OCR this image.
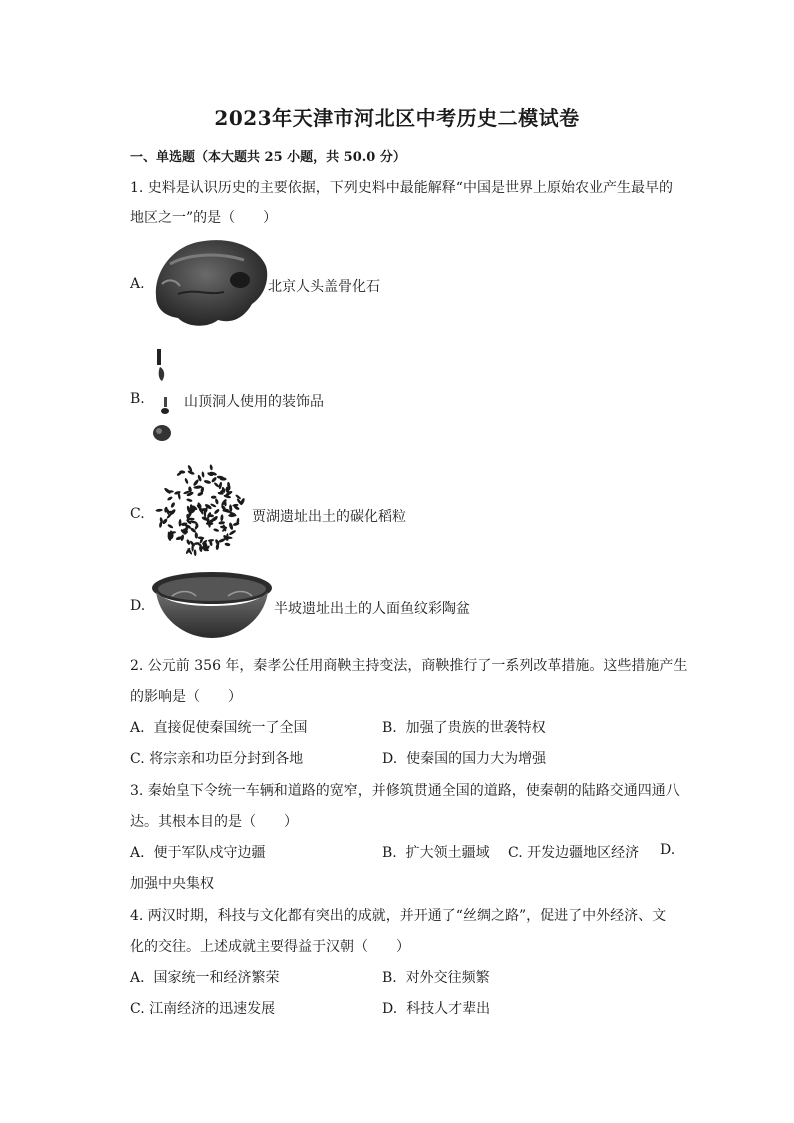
2023年天津市河北区中考历史二模试卷
一、单选题（本大题共 25 小题，共 50.0 分）
1. 史料是认识历史的主要依据，下列史料中最能解释“中国是世界上原始农业产生最早的
地区之一”的是（　　）
A.	北京人头盖骨化石
B.	山顶洞人使用的装饰品
C.	贾湖遗址出土的碳化稻粒
D.	半坡遗址出土的人面鱼纹彩陶盆
2. 公元前 356 年，秦孝公任用商鞅主持变法，商鞅推行了一系列改革措施。这些措施产生
的影响是（　　）
A. 直接促使秦国统一了全国	B. 加强了贵族的世袭特权
C. 将宗亲和功臣分封到各地	D. 使秦国的国力大为增强
3. 秦始皇下令统一车辆和道路的宽窄，并修筑贯通全国的道路，使秦朝的陆路交通四通八
达。其根本目的是（　　）
A. 便于军队戍守边疆	B. 扩大领土疆域 C. 开发边疆地区经济 D.
加强中央集权
4. 两汉时期，科技与文化都有突出的成就，并开通了“丝绸之路”，促进了中外经济、文
化的交往。上述成就主要得益于汉朝（　　）
A. 国家统一和经济繁荣	B. 对外交往频繁
C. 江南经济的迅速发展	D. 科技人才辈出
